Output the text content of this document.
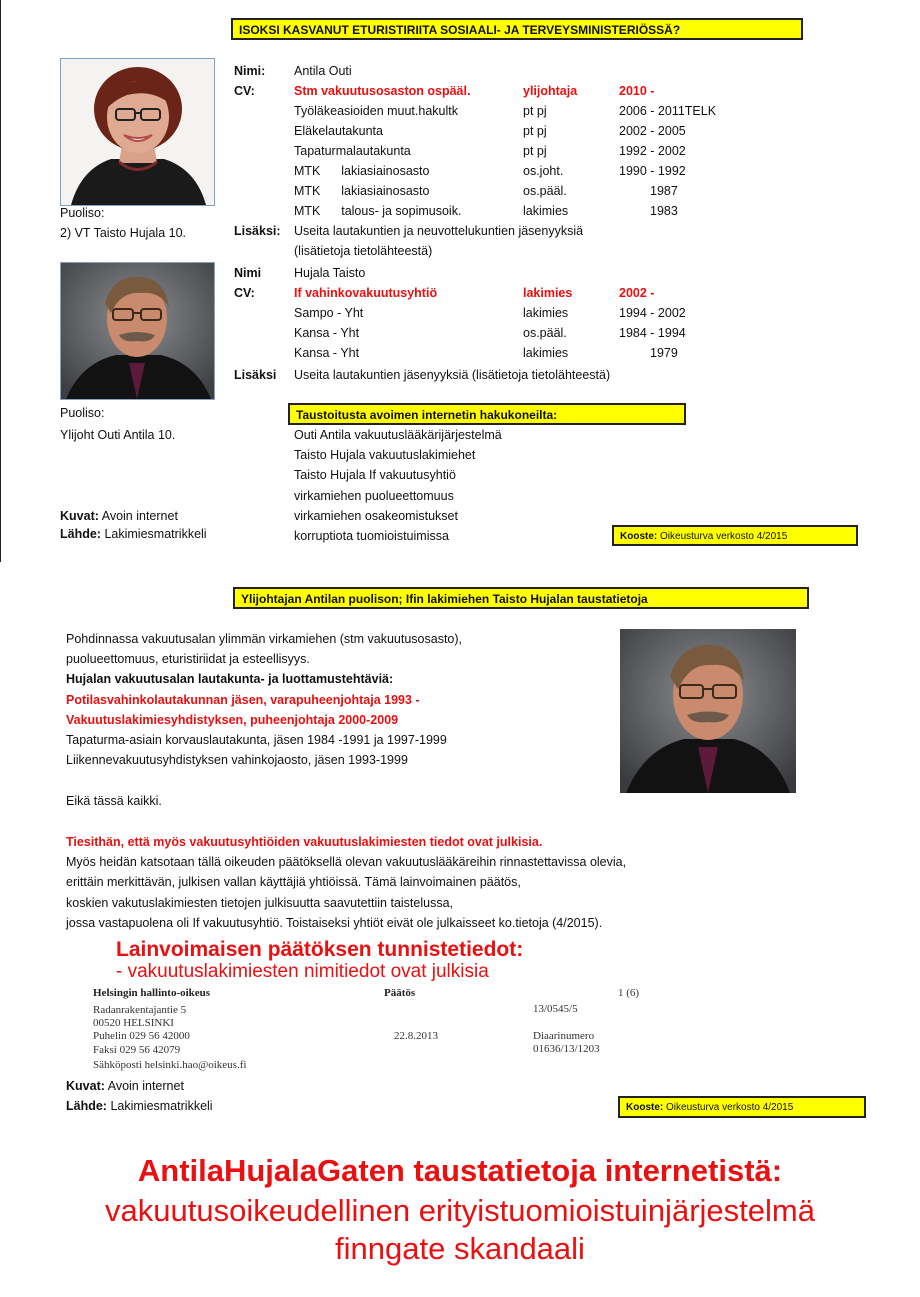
ISOKSI KASVANUT ETURISTIRIITA SOSIAALI- JA TERVEYSMINISTERIÖSSÄ?
Puoliso:
2) VT Taisto Hujala 10.
Nimi: Antila Outi
CV:	Stm vakuutusosaston ospääl.	ylijohtaja	2010 -
Työläkeasioiden muut.hakultk	pt pj	2006 - 2011TELK
Eläkelautakunta	pt pj	2002 - 2005
Tapaturmalautakunta	pt pj	1992 - 2002
MTK      lakiasiainosasto	os.joht.	1990 - 1992
MTK      lakiasiainosasto	os.pääl.	1987
MTK      talous- ja sopimusoik.	lakimies	1983
Lisäksi: Useita lautakuntien ja neuvottelukuntien jäsenyyksiä
(lisätietoja tietolähteestä)
Puoliso:
Ylijoht Outi Antila 10.
Nimi	Hujala Taisto
CV:	If vahinkovakuutusyhtiö	lakimies	2002 -
Sampo - Yht	lakimies	1994 - 2002
Kansa - Yht	os.pääl.	1984 - 1994
Kansa - Yht	lakimies	1979
Lisäksi Useita lautakuntien jäsenyyksiä (lisätietoja tietolähteestä)
Taustoitusta avoimen internetin hakukoneilta:
Outi Antila vakuutuslääkärijärjestelmä
Taisto Hujala vakuutuslakimiehet
Taisto Hujala If vakuutusyhtiö
virkamiehen puolueettomuus
virkamiehen osakeomistukset
korruptiota tuomioistuimissa
Kuvat: Avoin internet
Lähde: Lakimiesmatrikkeli	Kooste: Oikeusturva verkosto 4/2015
Ylijohtajan Antilan puolison; Ifin lakimiehen Taisto Hujalan taustatietoja
Pohdinnassa vakuutusalan ylimmän virkamiehen (stm vakuutusosasto),
puolueettomuus, eturistiriidat ja esteellisyys.
Hujalan vakuutusalan lautakunta- ja luottamustehtäviä:
Potilasvahinkolautakunnan jäsen, varapuheenjohtaja 1993 -
Vakuutuslakimiesyhdistyksen, puheenjohtaja 2000-2009
Tapaturma-asiain korvauslautakunta, jäsen 1984 -1991 ja 1997-1999
Liikennevakuutusyhdistyksen vahinkojaosto, jäsen 1993-1999
Eikä tässä kaikki.
Tiesithän, että myös vakuutusyhtiöiden vakuutuslakimiesten tiedot ovat julkisia.
Myös heidän katsotaan tällä oikeuden päätöksellä olevan vakuutuslääkäreihin rinnastettavissa olevia,
erittäin merkittävän, julkisen vallan käyttäjiä yhtiöissä. Tämä lainvoimainen päätös,
koskien vakutuslakimiesten tietojen julkisuutta saavutettiin taistelussa,
jossa vastapuolena oli If vakuutusyhtiö. Toistaiseksi yhtiöt eivät ole julkaisseet ko.tietoja (4/2015).
Lainvoimaisen päätöksen tunnistetiedot:
- vakuutuslakimiesten nimitiedot ovat julkisia
Helsingin hallinto-oikeus
Radanrakentajantie 5
00520 HELSINKI
Puhelin 029 56 42000
Faksi 029 56 42079
Sähköposti helsinki.hao@oikeus.fi
Päätös	1 (6)
13/0545/5
22.8.2013	Diaarinumero
01636/13/1203
Kuvat: Avoin internet
Lähde: Lakimiesmatrikkeli	Kooste: Oikeusturva verkosto 4/2015
AntilaHujalaGaten taustatietoja internetistä:
vakuutusoikeudellinen erityistuomioistuinjärjestelmä
finngate skandaali
